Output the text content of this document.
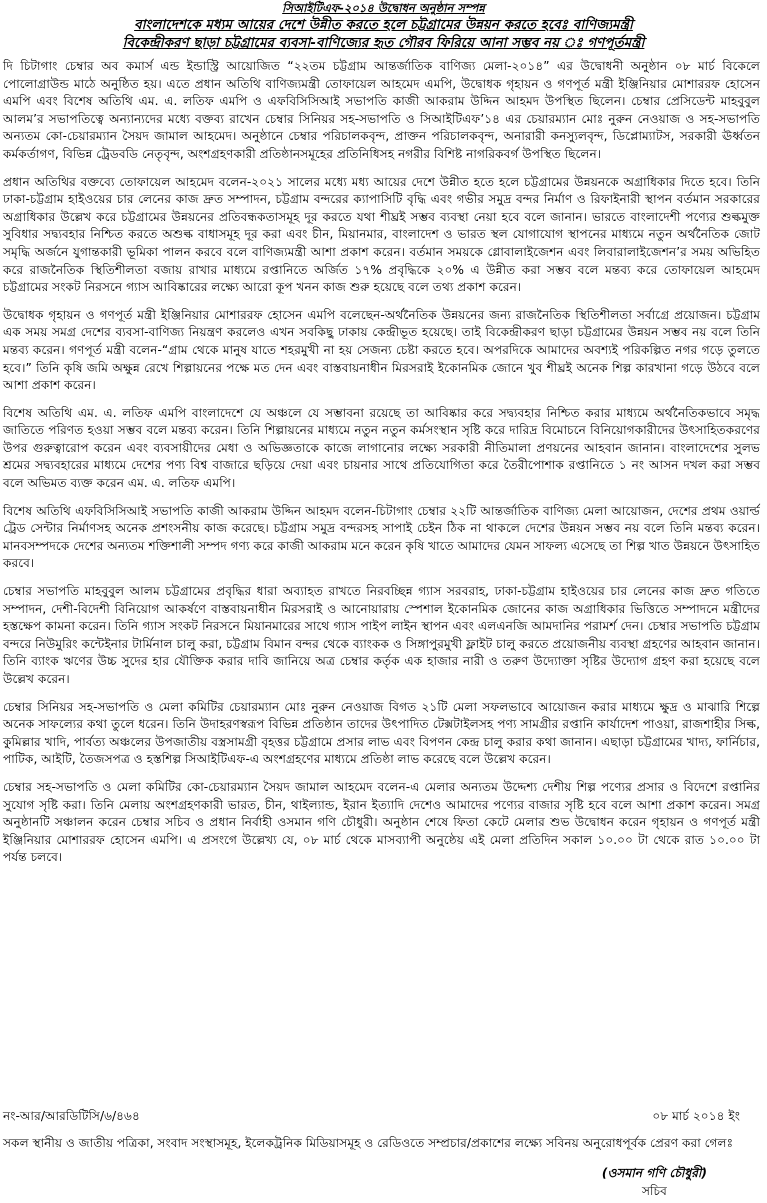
সিআইটিএফ-২০১৪ উদ্বোধন অনুষ্ঠান সম্পন্ন
বাংলাদেশকে মধ্যম আয়ের দেশে উন্নীত করতে হলে চট্টগ্রামের উন্নয়ন করতে হবেঃ বাণিজ্যমন্ত্রী
বিকেন্দ্রীকরণ ছাড়া চট্টগ্রামের ব্যবসা-বাণিজ্যের হৃত গৌরব ফিরিয়ে আনা সম্ভব নয় ঃ গণপূর্তমন্ত্রী

দি চিটাগাং চেম্বার অব কমার্স এন্ড ইন্ডাস্ট্রি আয়োজিত “২২তম চট্টগ্রাম আন্তর্জাতিক বাণিজ্য মেলা-২০১৪” এর উদ্বোধনী অনুষ্ঠান ০৮ মার্চ বিকেলে পোলোগ্রাউন্ড মাঠে অনুষ্ঠিত হয়। এতে প্রধান অতিথি বাণিজ্যমন্ত্রী তোফায়েল আহমেদ এমপি, উদ্বোধক গৃহায়ন ও গণপূর্ত মন্ত্রী ইঞ্জিনিয়ার মোশাররফ হোসেন এমপি এবং বিশেষ অতিথি এম. এ. লতিফ এমপি ও এফবিসিসিআই সভাপতি কাজী আকরাম উদ্দিন আহমদ উপস্থিত ছিলেন। চেম্বার প্রেসিডেন্ট মাহবুবুল আলম’র সভাপতিত্বে অন্যান্যদের মধ্যে বক্তব্য রাখেন চেম্বার সিনিয়র সহ-সভাপতি ও সিআইটিএফ’১৪ এর চেয়ারম্যান মোঃ নুরুন নেওয়াজ ও সহ-সভাপতি অন্যতম কো-চেয়ারম্যান সৈয়দ জামাল আহমেদ। অনুষ্ঠানে চেম্বার পরিচালকবৃন্দ, প্রাক্তন পরিচালকবৃন্দ, অনারারী কনস্যুলবৃন্দ, ডিপ্লোম্যাটস, সরকারী ঊর্ধ্বতন কর্মকর্তাগণ, বিভিন্ন ট্রেডবডি নেতৃবৃন্দ, অংশগ্রহণকারী প্রতিষ্ঠানসমূহের প্রতিনিধিসহ নগরীর বিশিষ্ট নাগরিকবর্গ উপস্থিত ছিলেন।

প্রধান অতিথির বক্তব্যে তোফায়েল আহমেদ বলেন-২০২১ সালের মধ্যে মধ্য আয়ের দেশে উন্নীত হতে হলে চট্টগ্রামের উন্নয়নকে অগ্রাধিকার দিতে হবে। তিনি ঢাকা-চট্টগ্রাম হাইওয়ের চার লেনের কাজ দ্রুত সম্পাদন, চট্টগ্রাম বন্দরের ক্যাপাসিটি বৃদ্ধি এবং গভীর সমুদ্র বন্দর নির্মাণ ও রিফাইনারী স্থাপন বর্তমান সরকারের অগ্রাধিকার উল্লেখ করে চট্টগ্রামের উন্নয়নের প্রতিবন্ধকতাসমূহ দূর করতে যথা শীঘ্রই সম্ভব ব্যবস্থা নেয়া হবে বলে জানান। ভারতে বাংলাদেশী পণ্যের শুল্কমুক্ত সুবিধার সদ্ব্যবহার নিশ্চিত করতে অশুল্ক বাধাসমূহ দূর করা এবং চীন, মিয়ানমার, বাংলাদেশ ও ভারত স্থল যোগাযোগ স্থাপনের মাধ্যমে নতুন অর্থনৈতিক জোট সমৃদ্ধি অর্জনে যুগান্তকারী ভূমিকা পালন করবে বলে বাণিজ্যমন্ত্রী আশা প্রকাশ করেন। বর্তমান সময়কে গ্লোবালাইজেশন এবং লিবারালাইজেশন’র সময় অভিহিত করে রাজনৈতিক স্থিতিশীলতা বজায় রাখার মাধ্যমে রপ্তানিতে অর্জিত ১৭% প্রবৃদ্ধিকে ২০% এ উন্নীত করা সম্ভব বলে মন্তব্য করে তোফায়েল আহমেদ চট্টগ্রামের সংকট নিরসনে গ্যাস আবিষ্কারের লক্ষ্যে আরো কূপ খনন কাজ শুরু হয়েছে বলে তথ্য প্রকাশ করেন।

উদ্বোধক গৃহায়ন ও গণপূর্ত মন্ত্রী ইঞ্জিনিয়ার মোশাররফ হোসেন এমপি বলেছেন-অর্থনৈতিক উন্নয়নের জন্য রাজনৈতিক স্থিতিশীলতা সর্বাগ্রে প্রয়োজন। চট্টগ্রাম এক সময় সমগ্র দেশের ব্যবসা-বাণিজ্য নিয়ন্ত্রণ করলেও এখন সবকিছু ঢাকায় কেন্দ্রীভূত হয়েছে। তাই বিকেন্দ্রীকরণ ছাড়া চট্টগ্রামের উন্নয়ন সম্ভব নয় বলে তিনি মন্তব্য করেন। গণপূর্ত মন্ত্রী বলেন-“গ্রাম থেকে মানুষ যাতে শহরমুখী না হয় সেজন্য চেষ্টা করতে হবে। অপরদিকে আমাদের অবশ্যই পরিকল্পিত নগর গড়ে তুলতে হবে।” তিনি কৃষি জমি অক্ষুন্ন রেখে শিল্পায়নের পক্ষে মত দেন এবং বাস্তবায়নাধীন মিরসরাই ইকোনমিক জোনে খুব শীঘ্রই অনেক শিল্প কারখানা গড়ে উঠবে বলে আশা প্রকাশ করেন।

বিশেষ অতিথি এম. এ. লতিফ এমপি বাংলাদেশে যে অঞ্চলে যে সম্ভাবনা রয়েছে তা আবিষ্কার করে সদ্ব্যবহার নিশ্চিত করার মাধ্যমে অর্থনৈতিকভাবে সমৃদ্ধ জাতিতে পরিণত হওয়া সম্ভব বলে মন্তব্য করেন। তিনি শিল্পায়নের মাধ্যমে নতুন নতুন কর্মসংস্থান সৃষ্টি করে দারিদ্র বিমোচনে বিনিয়োগকারীদের উৎসাহিতকরণের উপর গুরুত্বারোপ করেন এবং ব্যবসায়ীদের মেধা ও অভিজ্ঞতাকে কাজে লাগানোর লক্ষ্যে সরকারী নীতিমালা প্রণয়নের আহবান জানান। বাংলাদেশের সুলভ শ্রমের সদ্ব্যবহারের মাধ্যমে দেশের পণ্য বিশ্ব বাজারে ছড়িয়ে দেয়া এবং চায়নার সাথে প্রতিযোগিতা করে তৈরীপোশাক রপ্তানিতে ১ নং আসন দখল করা সম্ভব বলে অভিমত ব্যক্ত করেন এম. এ. লতিফ এমপি।

বিশেষ অতিথি এফবিসিসিআই সভাপতি কাজী আকরাম উদ্দিন আহমদ বলেন-চিটাগাং চেম্বার ২২টি আন্তর্জাতিক বাণিজ্য মেলা আয়োজন, দেশের প্রথম ওয়ার্ল্ড ট্রেড সেন্টার নির্মাণসহ অনেক প্রশংসনীয় কাজ করেছে। চট্টগ্রাম সমুদ্র বন্দরসহ সাপাই চেইন ঠিক না থাকলে দেশের উন্নয়ন সম্ভব নয় বলে তিনি মন্তব্য করেন। মানবসম্পদকে দেশের অন্যতম শক্তিশালী সম্পদ গণ্য করে কাজী আকরাম মনে করেন কৃষি খাতে আমাদের যেমন সাফল্য এসেছে তা শিল্প খাত উন্নয়নে উৎসাহিত করবে।

চেম্বার সভাপতি মাহবুবুল আলম চট্টগ্রামের প্রবৃদ্ধির ধারা অব্যাহত রাখতে নিরবচ্ছিন্ন গ্যাস সরবরাহ, ঢাকা-চট্টগ্রাম হাইওয়ের চার লেনের কাজ দ্রুত গতিতে সম্পাদন, দেশী-বিদেশী বিনিয়োগ আকর্ষণে বাস্তবায়নাধীন মিরসরাই ও আনোয়ারায় স্পেশাল ইকোনমিক জোনের কাজ অগ্রাধিকার ভিত্তিতে সম্পাদনে মন্ত্রীদের হস্তক্ষেপ কামনা করেন। তিনি গ্যাস সংকট নিরসনে মিয়ানমারের সাথে গ্যাস পাইপ লাইন স্থাপন এবং এলএনজি আমদানির পরামর্শ দেন। চেম্বার সভাপতি চট্টগ্রাম বন্দরে নিউমুরিং কন্টেইনার টার্মিনাল চালু করা, চট্টগ্রাম বিমান বন্দর থেকে ব্যাংকক ও সিঙ্গাপুরমুখী ফ্লাইট চালু করতে প্রয়োজনীয় ব্যবস্থা গ্রহণের আহবান জানান। তিনি ব্যাংক ঋণের উচ্চ সুদের হার যৌক্তিক করার দাবি জানিয়ে অত্র চেম্বার কর্তৃক এক হাজার নারী ও তরুণ উদ্যোক্তা সৃষ্টির উদ্যোগ গ্রহণ করা হয়েছে বলে উল্লেখ করেন।

চেম্বার সিনিয়র সহ-সভাপতি ও মেলা কমিটির চেয়ারম্যান মোঃ নুরুন নেওয়াজ বিগত ২১টি মেলা সফলভাবে আয়োজন করার মাধ্যমে ক্ষুদ্র ও মাঝারি শিল্পে অনেক সাফল্যের কথা তুলে ধরেন। তিনি উদাহরণস্বরূপ বিভিন্ন প্রতিষ্ঠান তাদের উৎপাদিত টেক্সটাইলসহ পণ্য সামগ্রীর রপ্তানি কার্যাদেশ পাওয়া, রাজশাহীর সিল্ক, কুমিল্লার খাদি, পার্বত্য অঞ্চলের উপজাতীয় বস্ত্রসামগ্রী বৃহত্তর চট্টগ্রামে প্রসার লাভ এবং বিপণন কেন্দ্র চালু করার কথা জানান। এছাড়া চট্টগ্রামের খাদ্য, ফার্নিচার, পাটিক, আইটি, তৈজসপত্র ও হস্তশিল্প সিআইটিএফ-এ অংশগ্রহণের মাধ্যমে প্রতিষ্ঠা লাভ করেছে বলে উল্লেখ করেন।

চেম্বার সহ-সভাপতি ও মেলা কমিটির কো-চেয়ারম্যান সৈয়দ জামাল আহমেদ বলেন-এ মেলার অন্যতম উদ্দেশ্য দেশীয় শিল্প পণ্যের প্রসার ও বিদেশে রপ্তানির সুযোগ সৃষ্টি করা। তিনি মেলায় অংশগ্রহণকারী ভারত, চীন, থাইল্যান্ড, ইরান ইত্যাদি দেশেও আমাদের পণ্যের বাজার সৃষ্টি হবে বলে আশা প্রকাশ করেন। সমগ্র অনুষ্ঠানটি সঞ্চালন করেন চেম্বার সচিব ও প্রধান নির্বাহী ওসমান গণি চৌধুরী। অনুষ্ঠান শেষে ফিতা কেটে মেলার শুভ উদ্বোধন করেন গৃহায়ন ও গণপূর্ত মন্ত্রী ইঞ্জিনিয়ার মোশাররফ হোসেন এমপি। এ প্রসংগে উল্লেখ্য যে, ০৮ মার্চ থেকে মাসব্যাপী অনুষ্ঠেয় এই মেলা প্রতিদিন সকাল ১০.০০ টা থেকে রাত ১০.০০ টা পর্যন্ত চলবে।

নং-আর/আরডিটিসি/৬/৪৬৪	০৮ মার্চ ২০১৪ ইং
সকল স্থানীয় ও জাতীয় পত্রিকা, সংবাদ সংস্থাসমূহ, ইলেকট্রনিক মিডিয়াসমূহ ও রেডিওতে সম্প্রচার/প্রকাশের লক্ষ্যে সবিনয় অনুরোধপূর্বক প্রেরণ করা গেলঃ
(ওসমান গণি চৌধুরী)
সচিব
